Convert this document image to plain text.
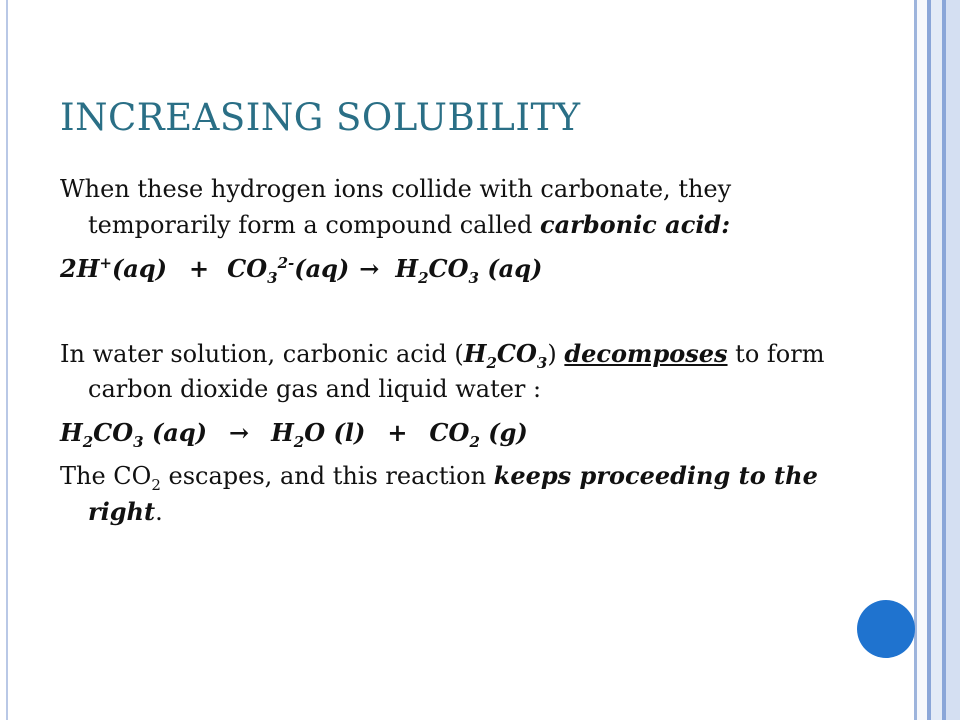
INCREASING SOLUBILITY

When these hydrogen ions collide with carbonate, they temporarily form a compound called carbonic acid:

$2H^+(aq) + CO_3^{2-}(aq) \to H_2CO_3$ (aq)

In water solution, carbonic acid $(H_2CO_3)$ decomposes to form carbon dioxide gas and liquid water :

$H_2CO_3$ $(aq) \to H_2O$ $(l) + CO_2$ (g)

The $CO_2$ escapes, and this reaction keeps proceeding to the right.
